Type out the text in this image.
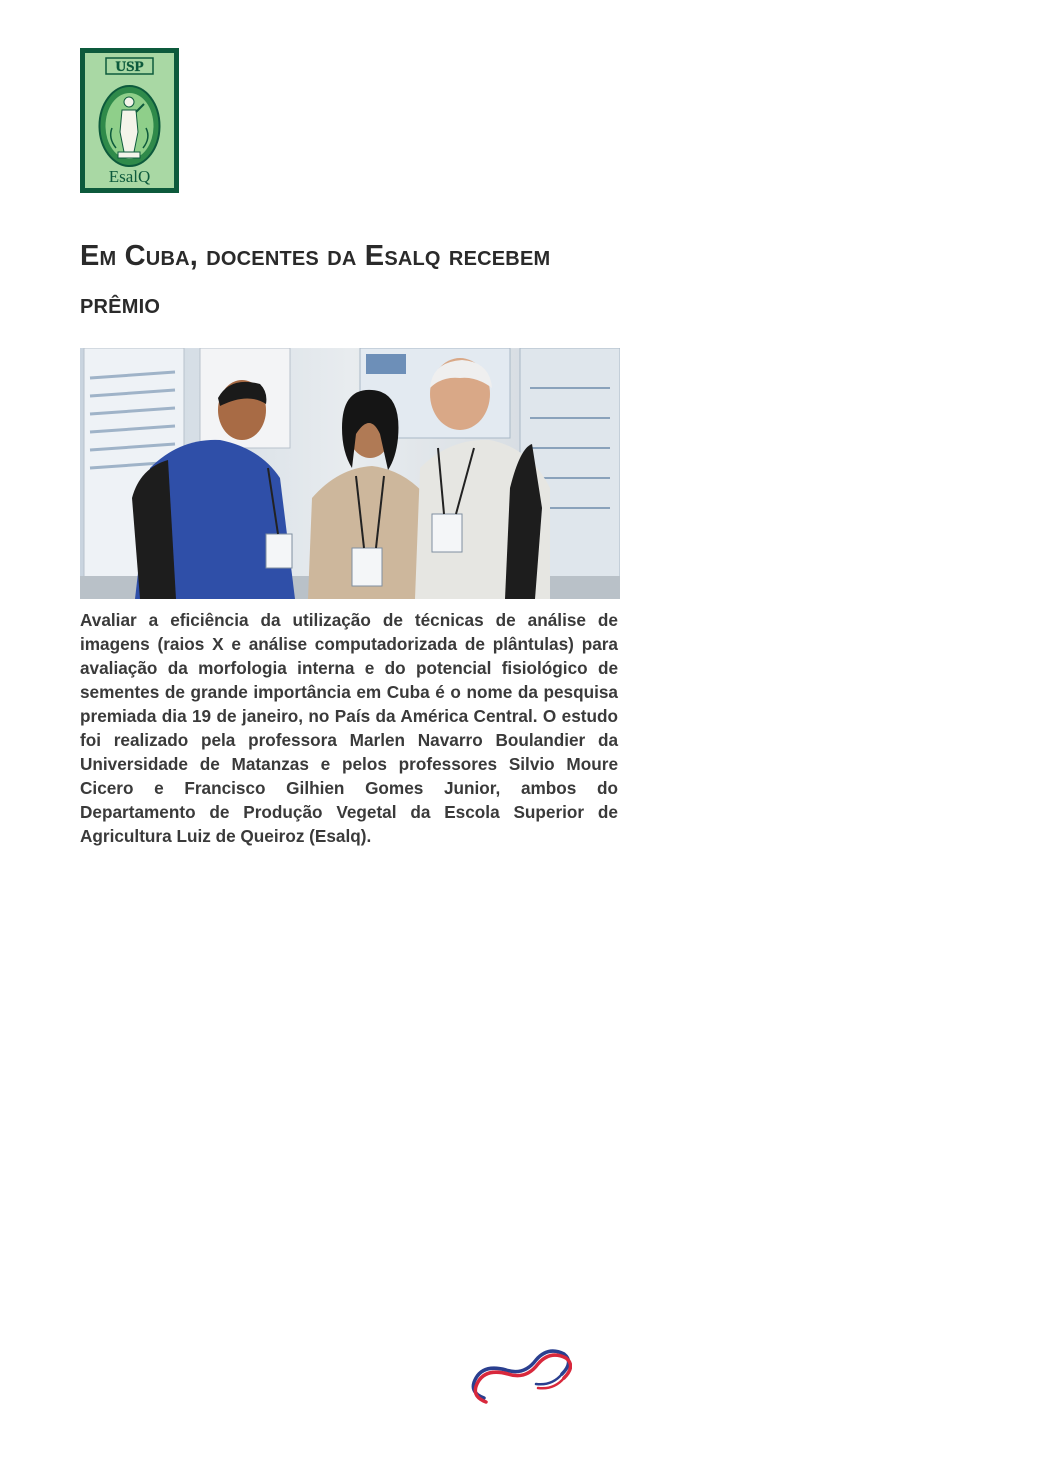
USP
EsalQ
Em Cuba, docentes da Esalq recebem prêmio

Avaliar a eficiência da utilização de técnicas de análise de imagens (raios X e análise computadorizada de plântulas) para avaliação da morfologia interna e do potencial fisiológico de sementes de grande importância em Cuba é o nome da pesquisa premiada dia 19 de janeiro, no País da América Central. O estudo foi realizado pela professora Marlen Navarro Boulandier da Universidade de Matanzas e pelos professores Silvio Moure Cicero e Francisco Gilhien Gomes Junior, ambos do Departamento de Produção Vegetal da Escola Superior de Agricultura Luiz de Queiroz (Esalq).
